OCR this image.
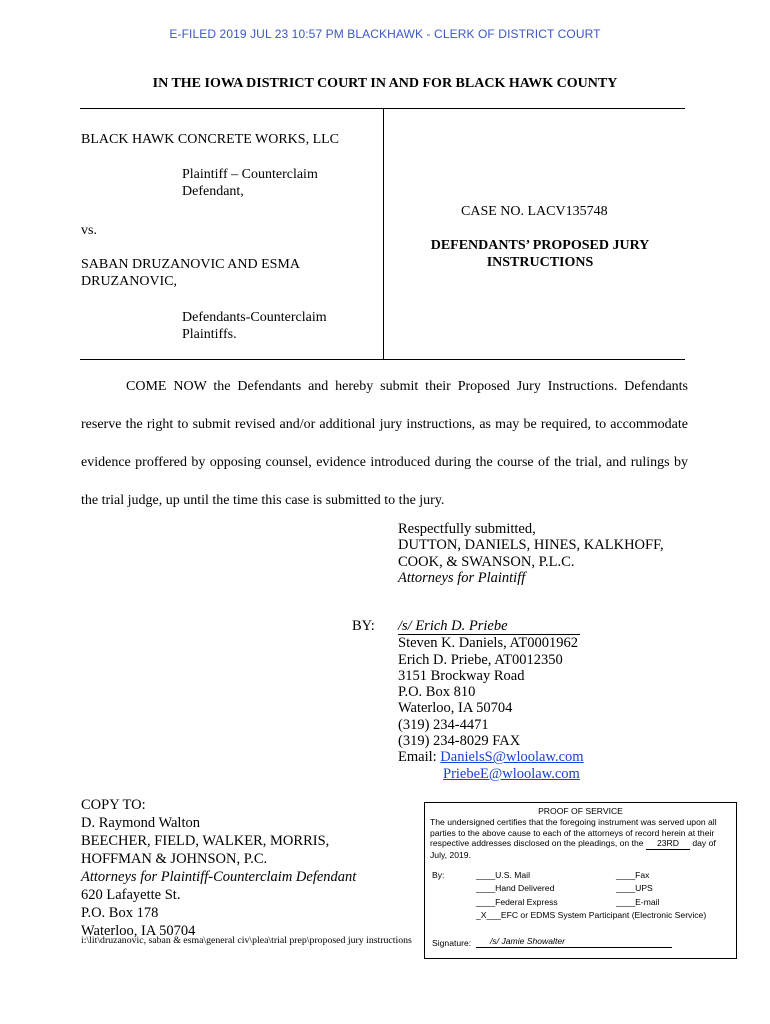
E-FILED 2019 JUL 23 10:57 PM BLACKHAWK - CLERK OF DISTRICT COURT
IN THE IOWA DISTRICT COURT IN AND FOR BLACK HAWK COUNTY
BLACK HAWK CONCRETE WORKS, LLC
Plaintiff – Counterclaim
Defendant,
vs.
SABAN DRUZANOVIC AND ESMA
DRUZANOVIC,
Defendants-Counterclaim
Plaintiffs.
CASE NO. LACV135748
DEFENDANTS’ PROPOSED JURY
INSTRUCTIONS
COME NOW the Defendants and hereby submit their Proposed Jury Instructions. Defendants reserve the right to submit revised and/or additional jury instructions, as may be required, to accommodate evidence proffered by opposing counsel, evidence introduced during the course of the trial, and rulings by the trial judge, up until the time this case is submitted to the jury.
Respectfully submitted,
DUTTON, DANIELS, HINES, KALKHOFF,
COOK, & SWANSON, P.L.C.
Attorneys for Plaintiff
BY: /s/ Erich D. Priebe
Steven K. Daniels, AT0001962
Erich D. Priebe, AT0012350
3151 Brockway Road
P.O. Box 810
Waterloo, IA 50704
(319) 234-4471
(319) 234-8029 FAX
Email: DanielsS@wloolaw.com
PriebeE@wloolaw.com
COPY TO:
D. Raymond Walton
BEECHER, FIELD, WALKER, MORRIS,
HOFFMAN & JOHNSON, P.C.
Attorneys for Plaintiff-Counterclaim Defendant
620 Lafayette St.
P.O. Box 178
Waterloo, IA 50704
i:\lit\druzanovic, saban & esma\general civ\plea\trial prep\proposed jury instructions
PROOF OF SERVICE
The undersigned certifies that the foregoing instrument was served upon all
parties to the above cause to each of the attorneys of record herein at their
respective addresses disclosed on the pleadings, on the 23RD day of
July, 2019.
By:	____U.S. Mail
____Hand Delivered
____Federal Express
_X___EFC or EDMS System Participant (Electronic Service)
____Fax
____UPS
____E-mail
Signature:	/s/ Jamie Showalter
